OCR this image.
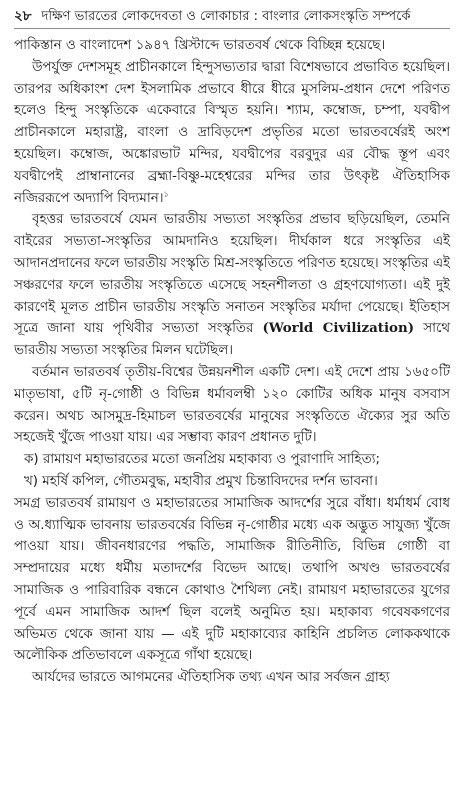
২৮ দক্ষিণ ভারতের লোকদেবতা ও লোকাচার : বাংলার লোকসংস্কৃতি সম্পর্কে

পাকিস্তান ও বাংলাদেশ ১৯৪৭ খ্রিস্টাব্দে ভারতবর্ষ থেকে বিচ্ছিন্ন হয়েছে।

উপর্যুক্ত দেশসমূহ প্রাচীনকালে হিন্দুসভ্যতার দ্বারা বিশেষভাবে প্রভাবিত হয়েছিল। তারপর অধিকাংশ দেশ ইসলামিক প্রভাবে ধীরে ধীরে মুসলিম-প্রধান দেশে পরিণত হলেও হিন্দু সংস্কৃতিকে একেবারে বিস্মৃত হয়নি। শ্যাম, কম্বোজ, চম্পা, যবদ্বীপ প্রাচীনকালে মহারাষ্ট্র, বাংলা ও দ্রাবিড়দেশ প্রভৃতির মতো ভারতবর্ষেরই অংশ হয়েছিল। কম্বোজ, অঙ্কোরভাট মন্দির, যবদ্বীপের বরবুদুর এর বৌদ্ধ স্তূপ এবং যবদ্বীপেই প্রাম্বানানের ব্রহ্মা-বিষ্ণু-মহেশ্বরের মন্দির তার উৎকৃষ্ট ঐতিহাসিক নজিররূপে অদ্যাপি বিদ্যমান।$^১$

বৃহত্তর ভারতবর্ষে যেমন ভারতীয় সভ্যতা সংস্কৃতির প্রভাব ছড়িয়েছিল, তেমনি বাইরের সভ্যতা-সংস্কৃতির আমদানিও হয়েছিল। দীর্ঘকাল ধরে সংস্কৃতির এই আদানপ্রদানের ফলে ভারতীয় সংস্কৃতি মিশ্র-সংস্কৃতিতে পরিণত হয়েছে। সংস্কৃতির এই সঞ্চরণের ফলে ভারতীয় সংস্কৃতিতে এসেছে সহনশীলতা ও গ্রহণযোগ্যতা। এই দুই কারণেই মূলত প্রাচীন ভারতীয় সংস্কৃতি সনাতন সংস্কৃতির মর্যাদা পেয়েছে। ইতিহাস সূত্রে জানা যায় পৃথিবীর সভ্যতা সংস্কৃতির (World Civilization) সাথে ভারতীয় সভ্যতা সংস্কৃতির মিলন ঘটেছিল।

বর্তমান ভারতবর্ষ তৃতীয়-বিশ্বের উন্নয়নশীল একটি দেশ। এই দেশে প্রায় ১৬৫০টি মাতৃভাষা, ৫টি নৃ-গোষ্ঠী ও বিভিন্ন ধর্মাবলম্বী ১২০ কোটির অধিক মানুষ বসবাস করেন। অথচ আসমুদ্র-হিমাচল ভারতবর্ষের মানুষের সংস্কৃতিতে ঐক্যের সুর অতি সহজেই খুঁজে পাওয়া যায়। এর সম্ভাব্য কারণ প্রধানত দুটি।

ক) রামায়ণ মহাভারতের মতো জনপ্রিয় মহাকাব্য ও পুরাণাদি সাহিত্য;

খ) মহর্ষি কপিল, গৌতমবুদ্ধ, মহাবীর প্রমুখ চিন্তাবিদদের দর্শন ভাবনা।

সমগ্র ভারতবর্ষ রামায়ণ ও মহাভারতের সামাজিক আদর্শের সুরে বাঁধা। ধর্মাধর্ম বোধ ও অ.ধ্যাত্মিক ভাবনায় ভারতবর্ষের বিভিন্ন নৃ-গোষ্ঠীর মধ্যে এক অদ্ভুত সাযুজ্য খুঁজে পাওয়া যায়। জীবনধারণের পদ্ধতি, সামাজিক রীতিনীতি, বিভিন্ন গোষ্ঠী বা সম্প্রদায়ের মধ্যে ধর্মীয় মতাদর্শের বিভেদ আছে। তথাপি অখণ্ড ভারতবর্ষের সামাজিক ও পারিবারিক বন্ধনে কোথাও শৈথিল্য নেই। রামায়ণ মহাভারতের যুগের পূর্বে এমন সামাজিক আদর্শ ছিল বলেই অনুমিত হয়। মহাকাব্য গবেষকগণের অভিমত থেকে জানা যায় — এই দুটি মহাকাব্যের কাহিনি প্রচলিত লোককথাকে অলৌকিক প্রতিভাবলে একসূত্রে গাঁথা হয়েছে।

আর্যদের ভারতে আগমনের ঐতিহাসিক তথ্য এখন আর সর্বজন গ্রাহ্য
